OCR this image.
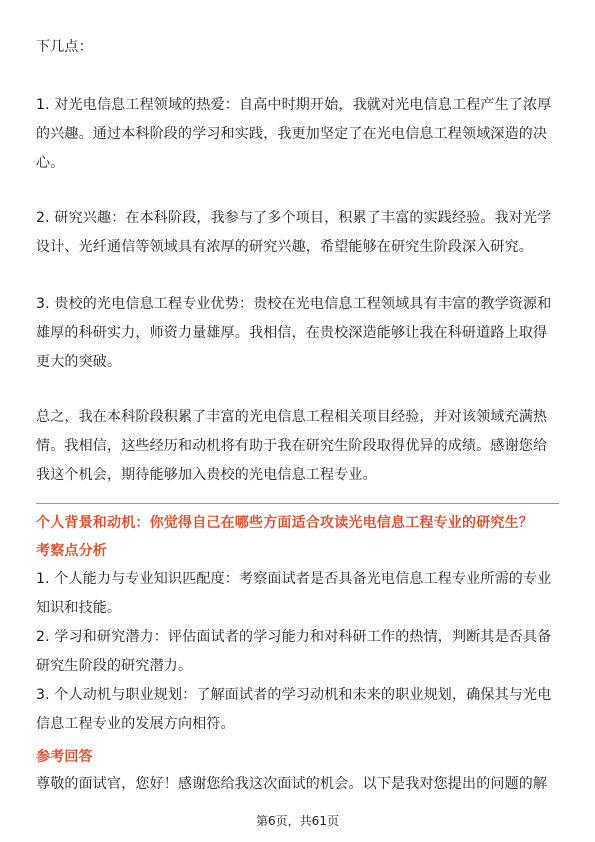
下几点：

1. 对光电信息工程领域的热爱：自高中时期开始，我就对光电信息工程产生了浓厚的兴趣。通过本科阶段的学习和实践，我更加坚定了在光电信息工程领域深造的决心。

2. 研究兴趣：在本科阶段，我参与了多个项目，积累了丰富的实践经验。我对光学设计、光纤通信等领域具有浓厚的研究兴趣，希望能够在研究生阶段深入研究。

3. 贵校的光电信息工程专业优势：贵校在光电信息工程领域具有丰富的教学资源和雄厚的科研实力，师资力量雄厚。我相信，在贵校深造能够让我在科研道路上取得更大的突破。

总之，我在本科阶段积累了丰富的光电信息工程相关项目经验，并对该领域充满热情。我相信，这些经历和动机将有助于我在研究生阶段取得优异的成绩。感谢您给我这个机会，期待能够加入贵校的光电信息工程专业。

个人背景和动机：你觉得自己在哪些方面适合攻读光电信息工程专业的研究生？

考察点分析

1. 个人能力与专业知识匹配度：考察面试者是否具备光电信息工程专业所需的专业知识和技能。

2. 学习和研究潜力：评估面试者的学习能力和对科研工作的热情，判断其是否具备研究生阶段的研究潜力。

3. 个人动机与职业规划：了解面试者的学习动机和未来的职业规划，确保其与光电信息工程专业的发展方向相符。

参考回答

尊敬的面试官，您好！感谢您给我这次面试的机会。以下是我对您提出的问题的解

第6页，共61页
